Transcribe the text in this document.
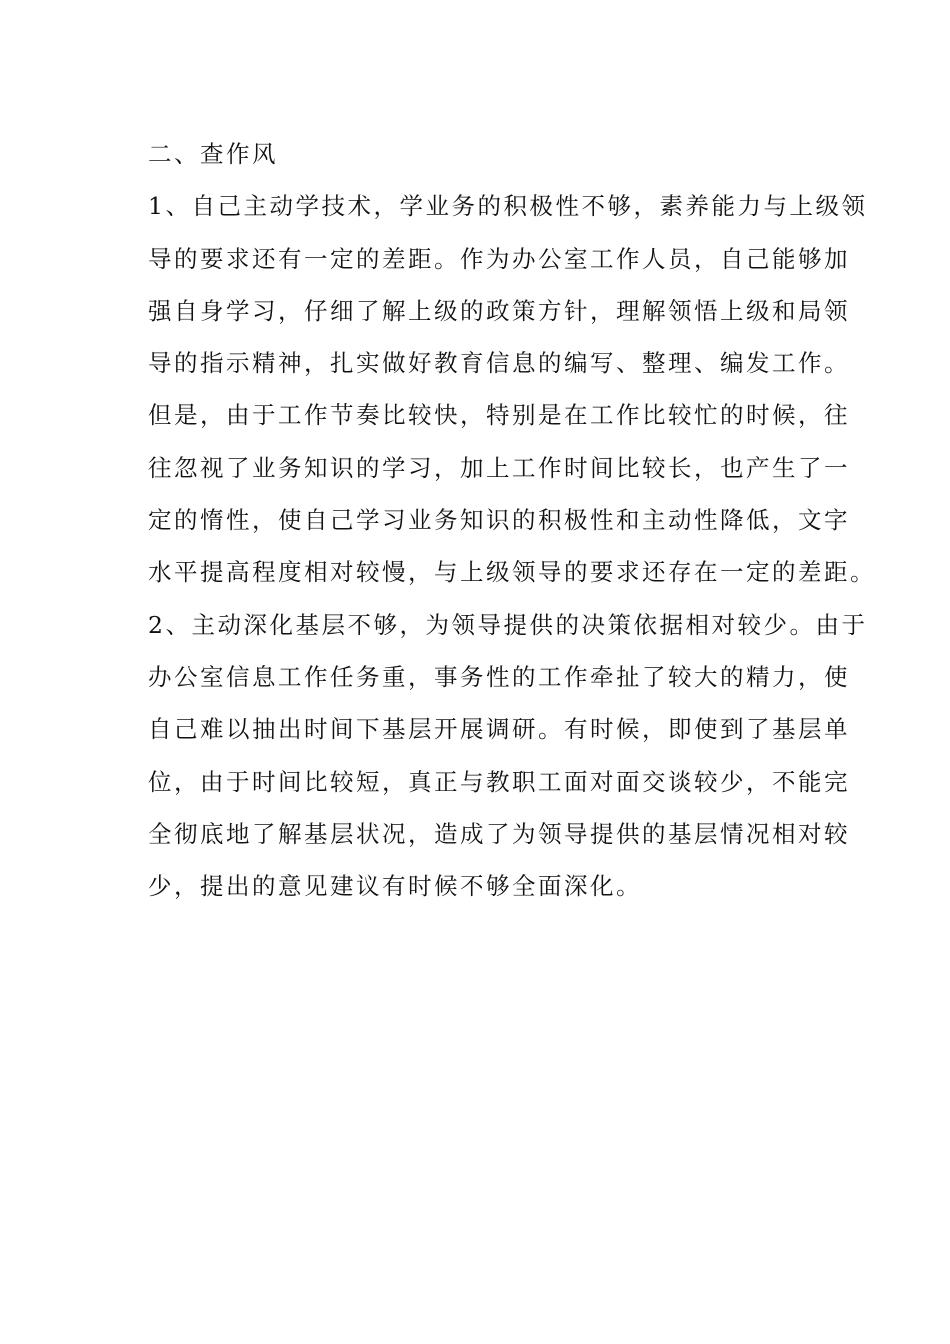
二、查作风
1、自己主动学技术，学业务的积极性不够，素养能力与上级领
导的要求还有一定的差距。作为办公室工作人员，自己能够加
强自身学习，仔细了解上级的政策方针，理解领悟上级和局领
导的指示精神，扎实做好教育信息的编写、整理、编发工作。
但是，由于工作节奏比较快，特别是在工作比较忙的时候，往
往忽视了业务知识的学习，加上工作时间比较长，也产生了一
定的惰性，使自己学习业务知识的积极性和主动性降低，文字
水平提高程度相对较慢，与上级领导的要求还存在一定的差距。
2、主动深化基层不够，为领导提供的决策依据相对较少。由于
办公室信息工作任务重，事务性的工作牵扯了较大的精力，使
自己难以抽出时间下基层开展调研。有时候，即使到了基层单
位，由于时间比较短，真正与教职工面对面交谈较少，不能完
全彻底地了解基层状况，造成了为领导提供的基层情况相对较
少，提出的意见建议有时候不够全面深化。
